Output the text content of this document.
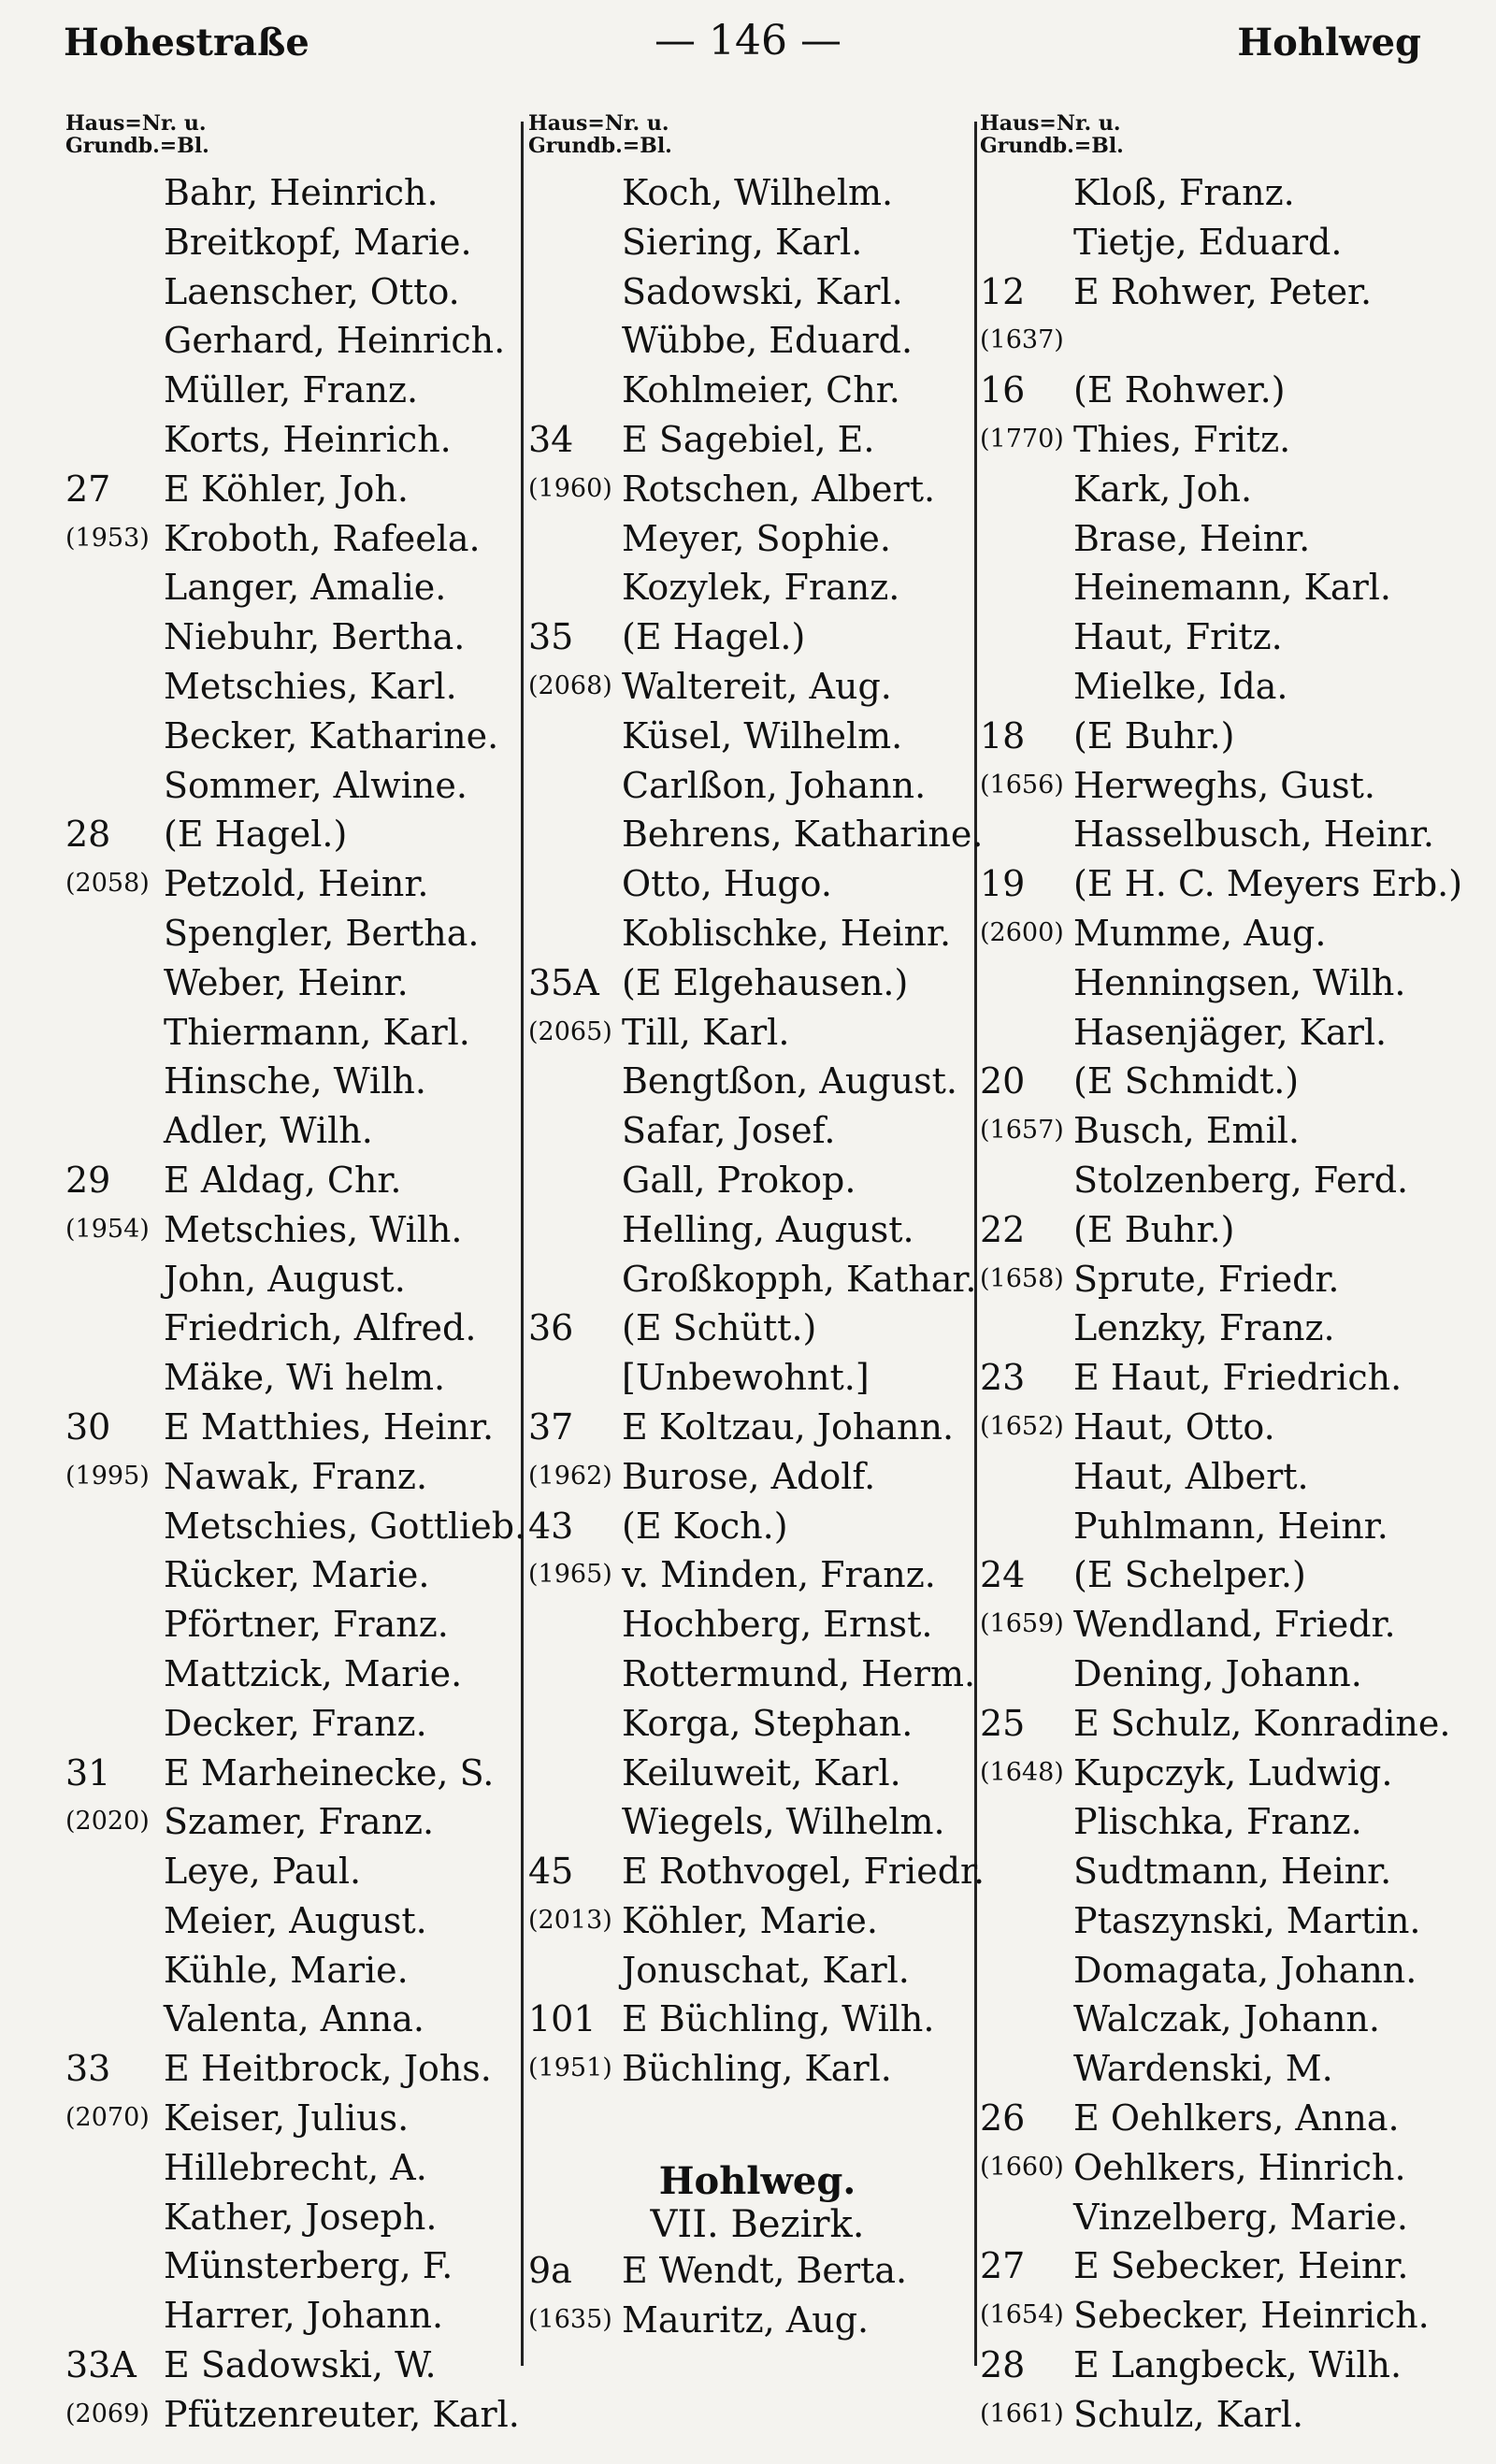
Hohestraße	— 146 —	Hohlweg
Haus=Nr. u.
Grundb.=Bl.
Bahr, Heinrich.
Breitkopf, Marie.
Laenscher, Otto.
Gerhard, Heinrich.
Müller, Franz.
Korts, Heinrich.
27 E Köhler, Joh.
(1953) Kroboth, Rafeela.
Langer, Amalie.
Niebuhr, Bertha.
Metschies, Karl.
Becker, Katharine.
Sommer, Alwine.
28 (E Hagel.)
(2058) Petzold, Heinr.
Spengler, Bertha.
Weber, Heinr.
Thiermann, Karl.
Hinsche, Wilh.
Adler, Wilh.
29 E Aldag, Chr.
(1954) Metschies, Wilh.
John, August.
Friedrich, Alfred.
Mäke, Wi helm.
30 E Matthies, Heinr.
(1995) Nawak, Franz.
Metschies, Gottlieb.
Rücker, Marie.
Pförtner, Franz.
Mattzick, Marie.
Decker, Franz.
31 E Marheinecke, S.
(2020) Szamer, Franz.
Leye, Paul.
Meier, August.
Kühle, Marie.
Valenta, Anna.
33 E Heitbrock, Johs.
(2070) Keiser, Julius.
Hillebrecht, A.
Kather, Joseph.
Münsterberg, F.
Harrer, Johann.
33A E Sadowski, W.
(2069) Pfützenreuter, Karl.
Haus=Nr. u.
Grundb.=Bl.
Koch, Wilhelm.
Siering, Karl.
Sadowski, Karl.
Wübbe, Eduard.
Kohlmeier, Chr.
34 E Sagebiel, E.
(1960) Rotschen, Albert.
Meyer, Sophie.
Kozylek, Franz.
35 (E Hagel.)
(2068) Waltereit, Aug.
Küsel, Wilhelm.
Carlßon, Johann.
Behrens, Katharine.
Otto, Hugo.
Koblischke, Heinr.
35A (E Elgehausen.)
(2065) Till, Karl.
Bengtßon, August.
Safar, Josef.
Gall, Prokop.
Helling, August.
Großkopph, Kathar.
36 (E Schütt.)
[Unbewohnt.]
37 E Koltzau, Johann.
(1962) Burose, Adolf.
43 (E Koch.)
(1965) v. Minden, Franz.
Hochberg, Ernst.
Rottermund, Herm.
Korga, Stephan.
Keiluweit, Karl.
Wiegels, Wilhelm.
45 E Rothvogel, Friedr.
(2013) Köhler, Marie.
Jonuschat, Karl.
101 E Büchling, Wilh.
(1951) Büchling, Karl.
Hohlweg.
VII. Bezirk.
9a E Wendt, Berta.
(1635) Mauritz, Aug.
Haus=Nr. u.
Grundb.=Bl.
Kloß, Franz.
Tietje, Eduard.
12 E Rohwer, Peter.
(1637)
16 (E Rohwer.)
(1770) Thies, Fritz.
Kark, Joh.
Brase, Heinr.
Heinemann, Karl.
Haut, Fritz.
Mielke, Ida.
18 (E Buhr.)
(1656) Herweghs, Gust.
Hasselbusch, Heinr.
19 (E H. C. Meyers Erb.)
(2600) Mumme, Aug.
Henningsen, Wilh.
Hasenjäger, Karl.
20 (E Schmidt.)
(1657) Busch, Emil.
Stolzenberg, Ferd.
22 (E Buhr.)
(1658) Sprute, Friedr.
Lenzky, Franz.
23 E Haut, Friedrich.
(1652) Haut, Otto.
Haut, Albert.
Puhlmann, Heinr.
24 (E Schelper.)
(1659) Wendland, Friedr.
Dening, Johann.
25 E Schulz, Konradine.
(1648) Kupczyk, Ludwig.
Plischka, Franz.
Sudtmann, Heinr.
Ptaszynski, Martin.
Domagata, Johann.
Walczak, Johann.
Wardenski, M.
26 E Oehlkers, Anna.
(1660) Oehlkers, Hinrich.
Vinzelberg, Marie.
27 E Sebecker, Heinr.
(1654) Sebecker, Heinrich.
28 E Langbeck, Wilh.
(1661) Schulz, Karl.
